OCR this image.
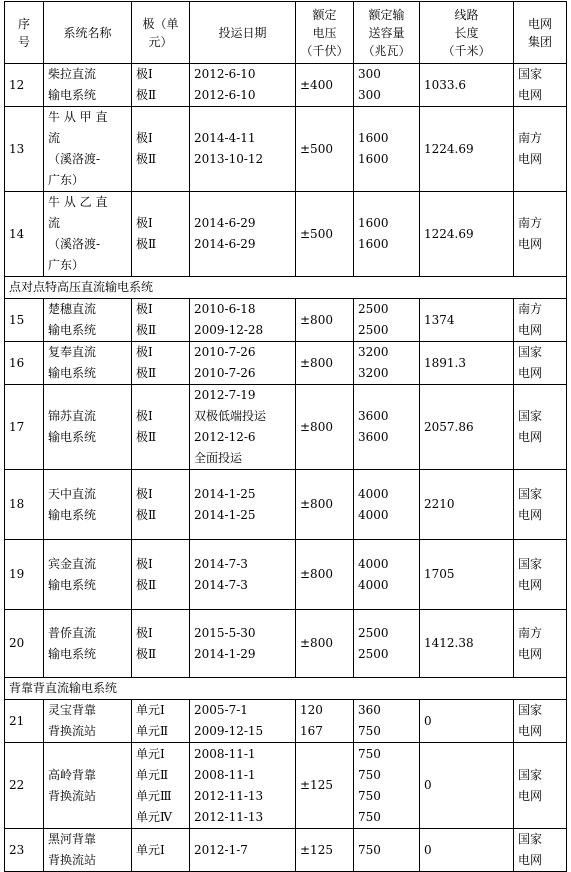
序
号	系统名称	极（单
元）	投运日期	额定
电压
（千伏）	额定输
送容量
（兆瓦）	线路
长度
（千米）	电网
集团

12	柴拉直流
输电系统	极Ⅰ
极Ⅱ	2012-6-10
2012-6-10	±400	300
300	1033.6	国家
电网

13	牛 从 甲 直
流
（溪洛渡-
广东）	极Ⅰ
极Ⅱ	2014-4-11
2013-10-12	±500	1600
1600	1224.69	南方
电网

14	牛 从 乙 直
流
（溪洛渡-
广东）	极Ⅰ
极Ⅱ	2014-6-29
2014-6-29	±500	1600
1600	1224.69	南方
电网

点对点特高压直流输电系统							
15	楚穗直流
输电系统	极Ⅰ
极Ⅱ	2010-6-18
2009-12-28	±800	2500
2500	1374	南方
电网

16	复奉直流
输电系统	极Ⅰ
极Ⅱ	2010-7-26
2010-7-26	±800	3200
3200	1891.3	国家
电网

17	锦苏直流
输电系统	极Ⅰ
极Ⅱ	2012-7-19
双极低端投运
2012-12-6
全面投运	±800	3600
3600	2057.86	国家
电网

18	天中直流
输电系统	极Ⅰ
极Ⅱ	2014-1-25
2014-1-25	±800	4000
4000	2210	国家
电网

19	宾金直流
输电系统	极Ⅰ
极Ⅱ	2014-7-3
2014-7-3	±800	4000
4000	1705	国家
电网

20	普侨直流
输电系统	极Ⅰ
极Ⅱ	2015-5-30
2014-1-29	±800	2500
2500	1412.38	南方
电网

背靠背直流输电系统							
21	灵宝背靠
背换流站	单元Ⅰ
单元Ⅱ	2005-7-1
2009-12-15	120
167	360
750	0	国家
电网

22	高岭背靠
背换流站	单元Ⅰ
单元Ⅱ
单元Ⅲ
单元Ⅳ	2008-11-1
2008-11-1
2012-11-13
2012-11-13	±125	750
750
750
750	0	国家
电网

23	黑河背靠
背换流站	单元Ⅰ	2012-1-7	±125	750	0	国家
电网
